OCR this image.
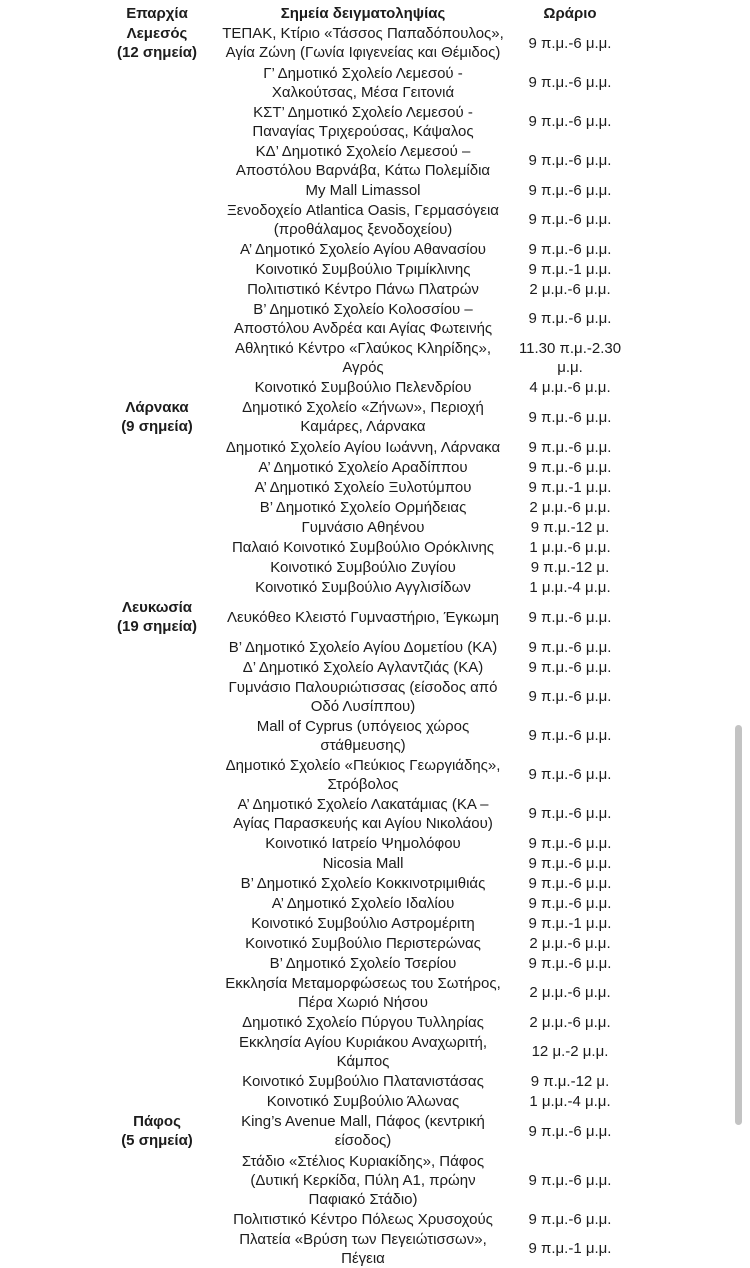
Επαρχία	Σημεία δειγματοληψίας	Ωράριο

Λεμεσός
(12 σημεία)	ΤΕΠΑΚ, Κτίριο «Τάσσος Παπαδόπουλος», Αγία Ζώνη (Γωνία Ιφιγενείας και Θέμιδος)	9 π.μ.-6 μ.μ.
	Γ’ Δημοτικό Σχολείο Λεμεσού - Χαλκούτσας, Μέσα Γειτονιά	9 π.μ.-6 μ.μ.
	ΚΣΤ’ Δημοτικό Σχολείο Λεμεσού - Παναγίας Τριχερούσας, Κάψαλος	9 π.μ.-6 μ.μ.
	ΚΔ’ Δημοτικό Σχολείο Λεμεσού – Αποστόλου Βαρνάβα, Κάτω Πολεμίδια	9 π.μ.-6 μ.μ.
	My Mall Limassol	9 π.μ.-6 μ.μ.
	Ξενοδοχείο Atlantica Oasis, Γερμασόγεια (προθάλαμος ξενοδοχείου)	9 π.μ.-6 μ.μ.
	Α’ Δημοτικό Σχολείο Αγίου Αθανασίου	9 π.μ.-6 μ.μ.
	Κοινοτικό Συμβούλιο Τριμίκλινης	9 π.μ.-1 μ.μ.
	Πολιτιστικό Κέντρο Πάνω Πλατρών	2 μ.μ.-6 μ.μ.
	Β’ Δημοτικό Σχολείο Κολοσσίου – Αποστόλου Ανδρέα και Αγίας Φωτεινής	9 π.μ.-6 μ.μ.
	Αθλητικό Κέντρο «Γλαύκος Κληρίδης», Αγρός	11.30 π.μ.-2.30 μ.μ.
	Κοινοτικό Συμβούλιο Πελενδρίου	4 μ.μ.-6 μ.μ.

Λάρνακα
(9 σημεία)	Δημοτικό Σχολείο «Ζήνων», Περιοχή Καμάρες, Λάρνακα	9 π.μ.-6 μ.μ.
	Δημοτικό Σχολείο Αγίου Ιωάννη, Λάρνακα	9 π.μ.-6 μ.μ.
	Α’ Δημοτικό Σχολείο Αραδίππου	9 π.μ.-6 μ.μ.
	Α’ Δημοτικό Σχολείο Ξυλοτύμπου	9 π.μ.-1 μ.μ.
	Β’ Δημοτικό Σχολείο Ορμήδειας	2 μ.μ.-6 μ.μ.
	Γυμνάσιο Αθηένου	9 π.μ.-12 μ.
	Παλαιό Κοινοτικό Συμβούλιο Ορόκλινης	1 μ.μ.-6 μ.μ.
	Κοινοτικό Συμβούλιο Ζυγίου	9 π.μ.-12 μ.
	Κοινοτικό Συμβούλιο Αγγλισίδων	1 μ.μ.-4 μ.μ.

Λευκωσία
(19 σημεία)	Λευκόθεο Κλειστό Γυμναστήριο, Έγκωμη	9 π.μ.-6 μ.μ.
	Β’ Δημοτικό Σχολείο Αγίου Δομετίου (ΚΑ)	9 π.μ.-6 μ.μ.
	Δ’ Δημοτικό Σχολείο Αγλαντζιάς (ΚΑ)	9 π.μ.-6 μ.μ.
	Γυμνάσιο Παλουριώτισσας (είσοδος από Οδό Λυσίππου)	9 π.μ.-6 μ.μ.
	Mall of Cyprus (υπόγειος χώρος στάθμευσης)	9 π.μ.-6 μ.μ.
	Δημοτικό Σχολείο «Πεύκιος Γεωργιάδης», Στρόβολος	9 π.μ.-6 μ.μ.
	Α’ Δημοτικό Σχολείο Λακατάμιας (ΚΑ – Αγίας Παρασκευής και Αγίου Νικολάου)	9 π.μ.-6 μ.μ.
	Κοινοτικό Ιατρείο Ψημολόφου	9 π.μ.-6 μ.μ.
	Nicosia Mall	9 π.μ.-6 μ.μ.
	Β’ Δημοτικό Σχολείο Κοκκινοτριμιθιάς	9 π.μ.-6 μ.μ.
	Α’ Δημοτικό Σχολείο Ιδαλίου	9 π.μ.-6 μ.μ.
	Κοινοτικό Συμβούλιο Αστρομέριτη	9 π.μ.-1 μ.μ.
	Κοινοτικό Συμβούλιο Περιστερώνας	2 μ.μ.-6 μ.μ.
	Β’ Δημοτικό Σχολείο Τσερίου	9 π.μ.-6 μ.μ.
	Εκκλησία Μεταμορφώσεως του Σωτήρος, Πέρα Χωριό Νήσου	2 μ.μ.-6 μ.μ.
	Δημοτικό Σχολείο Πύργου Τυλληρίας	2 μ.μ.-6 μ.μ.
	Εκκλησία Αγίου Κυριάκου Αναχωριτή, Κάμπος	12 μ.-2 μ.μ.
	Κοινοτικό Συμβούλιο Πλατανιστάσας	9 π.μ.-12 μ.
	Κοινοτικό Συμβούλιο Άλωνας	1 μ.μ.-4 μ.μ.

Πάφος
(5 σημεία)	King’s Avenue Mall, Πάφος (κεντρική είσοδος)	9 π.μ.-6 μ.μ.
	Στάδιο «Στέλιος Κυριακίδης», Πάφος (Δυτική Κερκίδα, Πύλη Α1, πρώην Παφιακό Στάδιο)	9 π.μ.-6 μ.μ.
	Πολιτιστικό Κέντρο Πόλεως Χρυσοχούς	9 π.μ.-6 μ.μ.
	Πλατεία «Βρύση των Πεγειώτισσων», Πέγεια	9 π.μ.-1 μ.μ.
